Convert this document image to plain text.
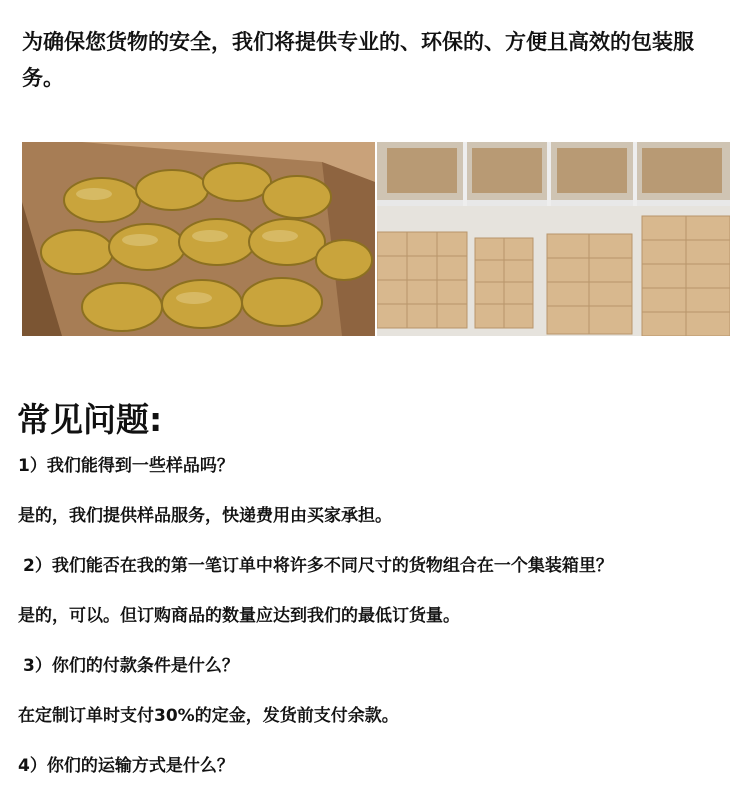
为确保您货物的安全，我们将提供专业的、环保的、方便且高效的包装服务。

常见问题:

1）我们能得到一些样品吗？

是的，我们提供样品服务，快递费用由买家承担。

2）我们能否在我的第一笔订单中将许多不同尺寸的货物组合在一个集装箱里？

是的，可以。但订购商品的数量应达到我们的最低订货量。

3）你们的付款条件是什么？

在定制订单时支付30%的定金，发货前支付余款。

4）你们的运输方式是什么？
